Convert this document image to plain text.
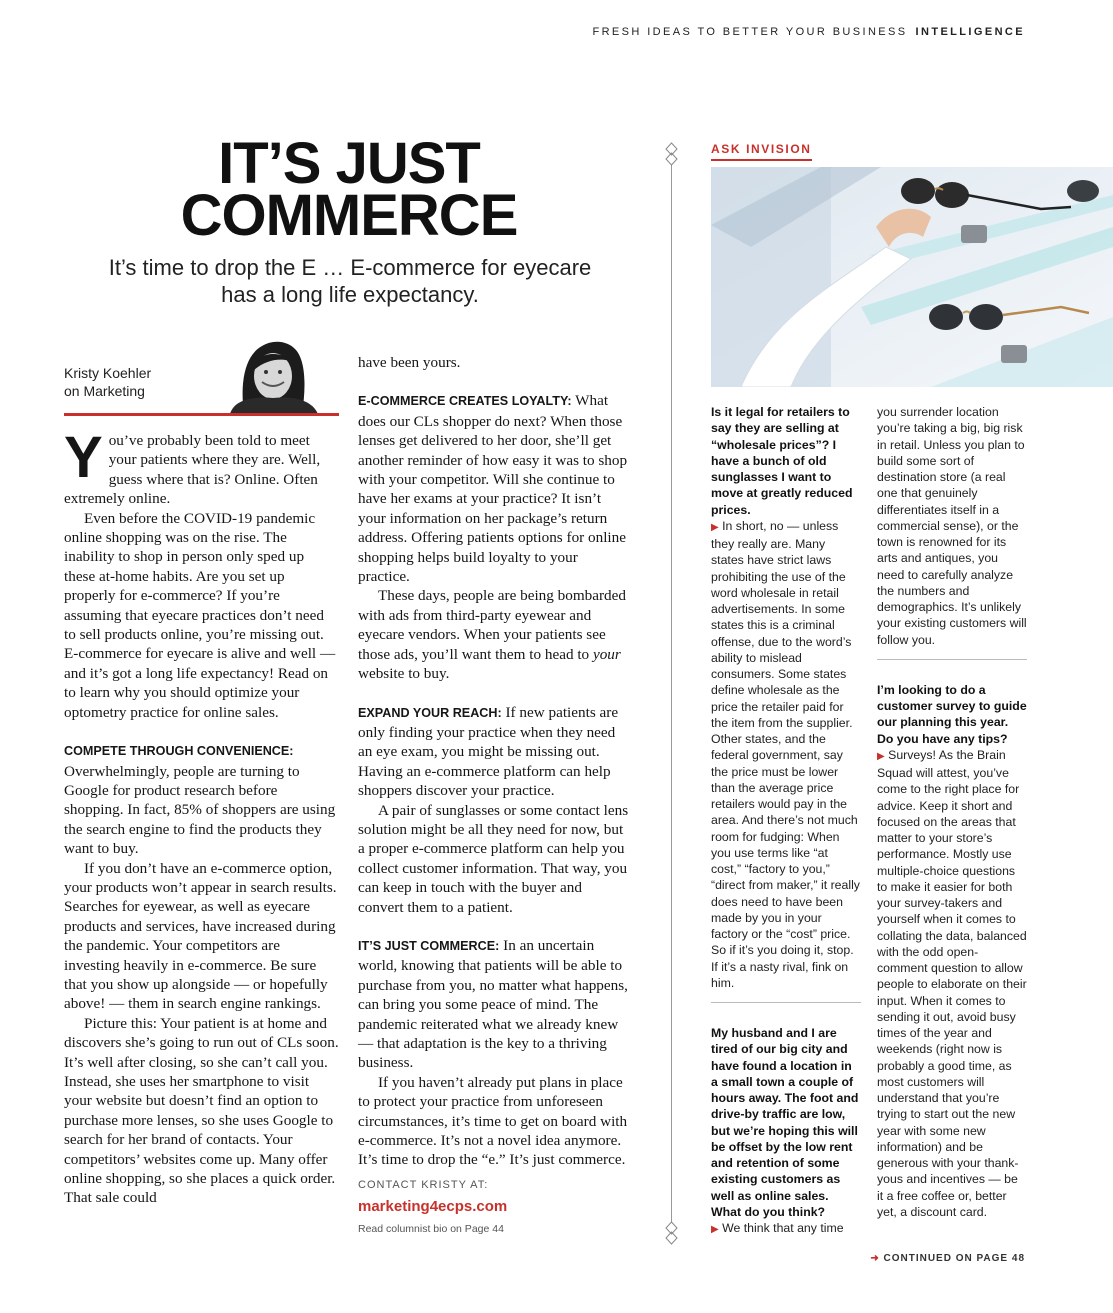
FRESH IDEAS TO BETTER YOUR BUSINESS INTELLIGENCE
IT’S JUST
COMMERCE
It’s time to drop the E … E-commerce for eyecare
has a long life expectancy.
Kristy Koehler
on Marketing
Y ou’ve probably been told to meet your patients where they are. Well, guess where that is? Online. Often extremely online.

Even before the COVID-19 pandemic online shopping was on the rise. The inability to shop in person only sped up these at-home habits. Are you set up properly for e-commerce? If you’re assuming that eyecare practices don’t need to sell products online, you’re missing out. E-commerce for eyecare is alive and well — and it’s got a long life expectancy! Read on to learn why you should optimize your optometry practice for online sales.

COMPETE THROUGH CONVENIENCE: Overwhelmingly, people are turning to Google for product research before shopping. In fact, 85% of shoppers are using the search engine to find the products they want to buy.

If you don’t have an e-commerce option, your products won’t appear in search results. Searches for eyewear, as well as eyecare products and services, have increased during the pandemic. Your competitors are investing heavily in e-commerce. Be sure that you show up alongside — or hopefully above! — them in search engine rankings.

Picture this: Your patient is at home and discovers she’s going to run out of CLs soon. It’s well after closing, so she can’t call you. Instead, she uses her smartphone to visit your website but doesn’t find an option to purchase more lenses, so she uses Google to search for her brand of contacts. Your competitors’ websites come up. Many offer online shopping, so she places a quick order. That sale could

have been yours.

E-COMMERCE CREATES LOYALTY: What does our CLs shopper do next? When those lenses get delivered to her door, she’ll get another reminder of how easy it was to shop with your competitor. Will she continue to have her exams at your practice? It isn’t your information on her package’s return address. Offering patients options for online shopping helps build loyalty to your practice.

These days, people are being bombarded with ads from third-party eyewear and eyecare vendors. When your patients see those ads, you’ll want them to head to your website to buy.

EXPAND YOUR REACH: If new patients are only finding your practice when they need an eye exam, you might be missing out. Having an e-commerce platform can help shoppers discover your practice.

A pair of sunglasses or some contact lens solution might be all they need for now, but a proper e-commerce platform can help you collect customer information. That way, you can keep in touch with the buyer and convert them to a patient.

IT’S JUST COMMERCE: In an uncertain world, knowing that patients will be able to purchase from you, no matter what happens, can bring you some peace of mind. The pandemic reiterated what we already knew — that adaptation is the key to a thriving business.

If you haven’t already put plans in place to protect your practice from unforeseen circumstances, it’s time to get on board with e-commerce. It’s not a novel idea anymore. It’s time to drop the “e.” It’s just commerce.

CONTACT KRISTY AT:
marketing4ecps.com
Read columnist bio on Page 44
ASK INVISION

Is it legal for retailers to say they are selling at “wholesale prices”? I have a bunch of old sunglasses I want to move at greatly reduced prices.

▶ In short, no — unless they really are. Many states have strict laws prohibiting the use of the word wholesale in retail advertisements. In some states this is a criminal offense, due to the word’s ability to mislead consumers. Some states define wholesale as the price the retailer paid for the item from the supplier. Other states, and the federal government, say the price must be lower than the average price retailers would pay in the area. And there’s not much room for fudging: When you use terms like “at cost,” “factory to you,” “direct from maker,” it really does need to have been made by you in your factory or the “cost” price. So if it’s you doing it, stop. If it’s a nasty rival, fink on him.

My husband and I are tired of our big city and have found a location in a small town a couple of hours away. The foot and drive-by traffic are low, but we’re hoping this will be offset by the low rent and retention of some existing customers as well as online sales. What do you think?

▶ We think that any time

you surrender location you’re taking a big, big risk in retail. Unless you plan to build some sort of destination store (a real one that genuinely differentiates itself in a commercial sense), or the town is renowned for its arts and antiques, you need to carefully analyze the numbers and demographics. It’s unlikely your existing customers will follow you.

I’m looking to do a customer survey to guide our planning this year. Do you have any tips?

▶ Surveys! As the Brain Squad will attest, you’ve come to the right place for advice. Keep it short and focused on the areas that matter to your store’s performance. Mostly use multiple-choice questions to make it easier for both your survey-takers and yourself when it comes to collating the data, balanced with the odd open-comment question to allow people to elaborate on their input. When it comes to sending it out, avoid busy times of the year and weekends (right now is probably a good time, as most customers will understand that you’re trying to start out the new year with some new information) and be generous with your thank-yous and incentives — be it a free coffee or, better yet, a discount card.

➜ CONTINUED ON PAGE 48
